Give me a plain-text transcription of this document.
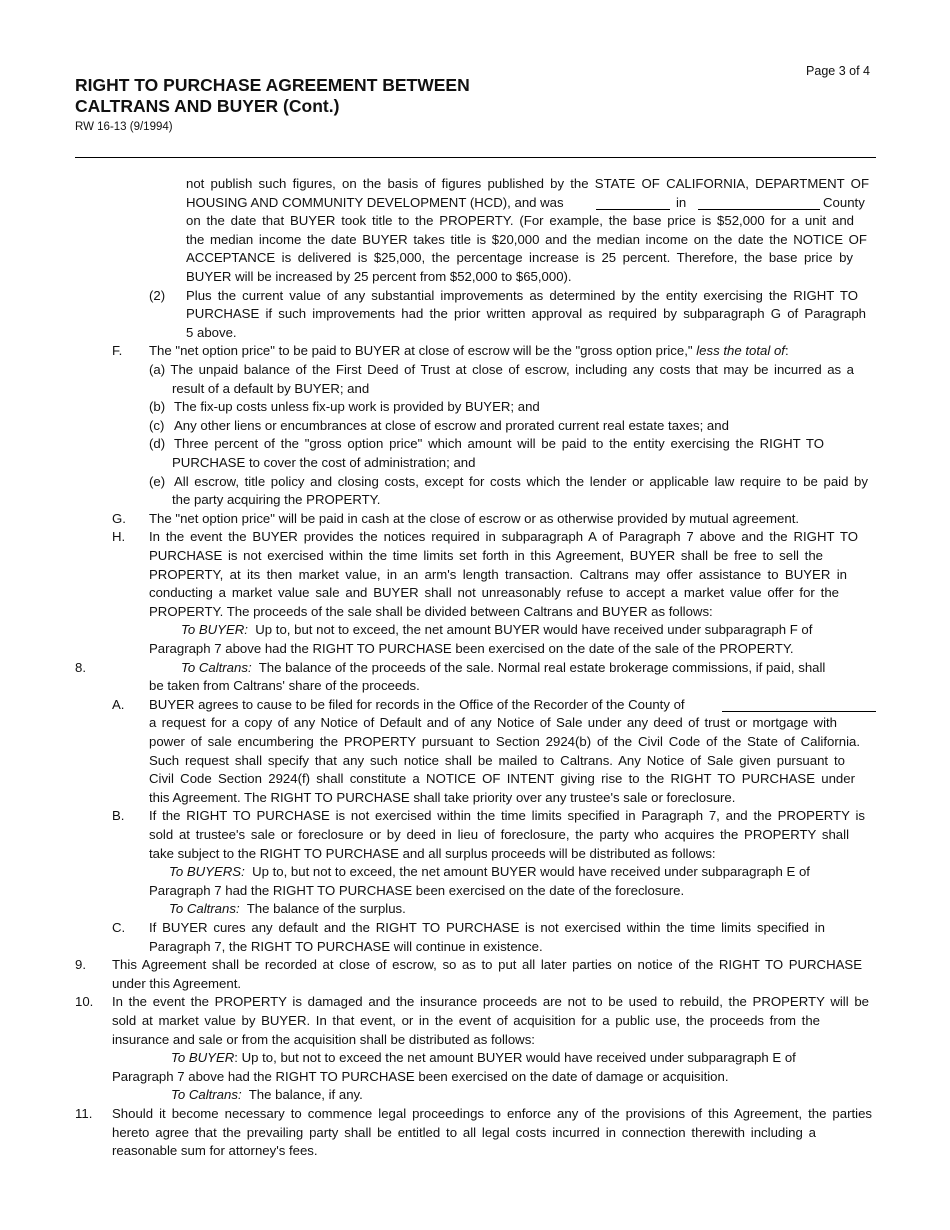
Page 3 of 4
RIGHT TO PURCHASE AGREEMENT BETWEEN
CALTRANS AND BUYER (Cont.)
RW 16-13 (9/1994)
not publish such figures, on the basis of figures published by the STATE OF CALIFORNIA, DEPARTMENT OF
HOUSING AND COMMUNITY DEVELOPMENT (HCD), and was	in	County
on the date that BUYER took title to the PROPERTY. (For example, the base price is $52,000 for a unit and
the median income the date BUYER takes title is $20,000 and the median income on the date the NOTICE OF
ACCEPTANCE is delivered is $25,000, the percentage increase is 25 percent. Therefore, the base price by
BUYER will be increased by 25 percent from $52,000 to $65,000).
(2) Plus the current value of any substantial improvements as determined by the entity exercising the RIGHT TO
PURCHASE if such improvements had the prior written approval as required by subparagraph G of Paragraph
5 above.
F. The "net option price" to be paid to BUYER at close of escrow will be the "gross option price," less the total of:
(a) The unpaid balance of the First Deed of Trust at close of escrow, including any costs that may be incurred as a
result of a default by BUYER; and
(b) The fix-up costs unless fix-up work is provided by BUYER; and
(c) Any other liens or encumbrances at close of escrow and prorated current real estate taxes; and
(d) Three percent of the "gross option price" which amount will be paid to the entity exercising the RIGHT TO
PURCHASE to cover the cost of administration; and
(e) All escrow, title policy and closing costs, except for costs which the lender or applicable law require to be paid by
the party acquiring the PROPERTY.
G. The "net option price" will be paid in cash at the close of escrow or as otherwise provided by mutual agreement.
H. In the event the BUYER provides the notices required in subparagraph A of Paragraph 7 above and the RIGHT TO
PURCHASE is not exercised within the time limits set forth in this Agreement, BUYER shall be free to sell the
PROPERTY, at its then market value, in an arm's length transaction. Caltrans may offer assistance to BUYER in
conducting a market value sale and BUYER shall not unreasonably refuse to accept a market value offer for the
PROPERTY. The proceeds of the sale shall be divided between Caltrans and BUYER as follows:
To BUYER: Up to, but not to exceed, the net amount BUYER would have received under subparagraph F of
Paragraph 7 above had the RIGHT TO PURCHASE been exercised on the date of the sale of the PROPERTY.
8.	To Caltrans: The balance of the proceeds of the sale. Normal real estate brokerage commissions, if paid, shall
be taken from Caltrans' share of the proceeds.
A. BUYER agrees to cause to be filed for records in the Office of the Recorder of the County of
a request for a copy of any Notice of Default and of any Notice of Sale under any deed of trust or mortgage with
power of sale encumbering the PROPERTY pursuant to Section 2924(b) of the Civil Code of the State of California.
Such request shall specify that any such notice shall be mailed to Caltrans. Any Notice of Sale given pursuant to
Civil Code Section 2924(f) shall constitute a NOTICE OF INTENT giving rise to the RIGHT TO PURCHASE under
this Agreement. The RIGHT TO PURCHASE shall take priority over any trustee's sale or foreclosure.
B. If the RIGHT TO PURCHASE is not exercised within the time limits specified in Paragraph 7, and the PROPERTY is
sold at trustee's sale or foreclosure or by deed in lieu of foreclosure, the party who acquires the PROPERTY shall
take subject to the RIGHT TO PURCHASE and all surplus proceeds will be distributed as follows:
To BUYERS: Up to, but not to exceed, the net amount BUYER would have received under subparagraph E of
Paragraph 7 had the RIGHT TO PURCHASE been exercised on the date of the foreclosure.
To Caltrans: The balance of the surplus.
C. If BUYER cures any default and the RIGHT TO PURCHASE is not exercised within the time limits specified in
Paragraph 7, the RIGHT TO PURCHASE will continue in existence.
9. This Agreement shall be recorded at close of escrow, so as to put all later parties on notice of the RIGHT TO PURCHASE
under this Agreement.
10. In the event the PROPERTY is damaged and the insurance proceeds are not to be used to rebuild, the PROPERTY will be
sold at market value by BUYER. In that event, or in the event of acquisition for a public use, the proceeds from the
insurance and sale or from the acquisition shall be distributed as follows:
To BUYER: Up to, but not to exceed the net amount BUYER would have received under subparagraph E of
Paragraph 7 above had the RIGHT TO PURCHASE been exercised on the date of damage or acquisition.
To Caltrans: The balance, if any.
11. Should it become necessary to commence legal proceedings to enforce any of the provisions of this Agreement, the parties
hereto agree that the prevailing party shall be entitled to all legal costs incurred in connection therewith including a
reasonable sum for attorney's fees.
